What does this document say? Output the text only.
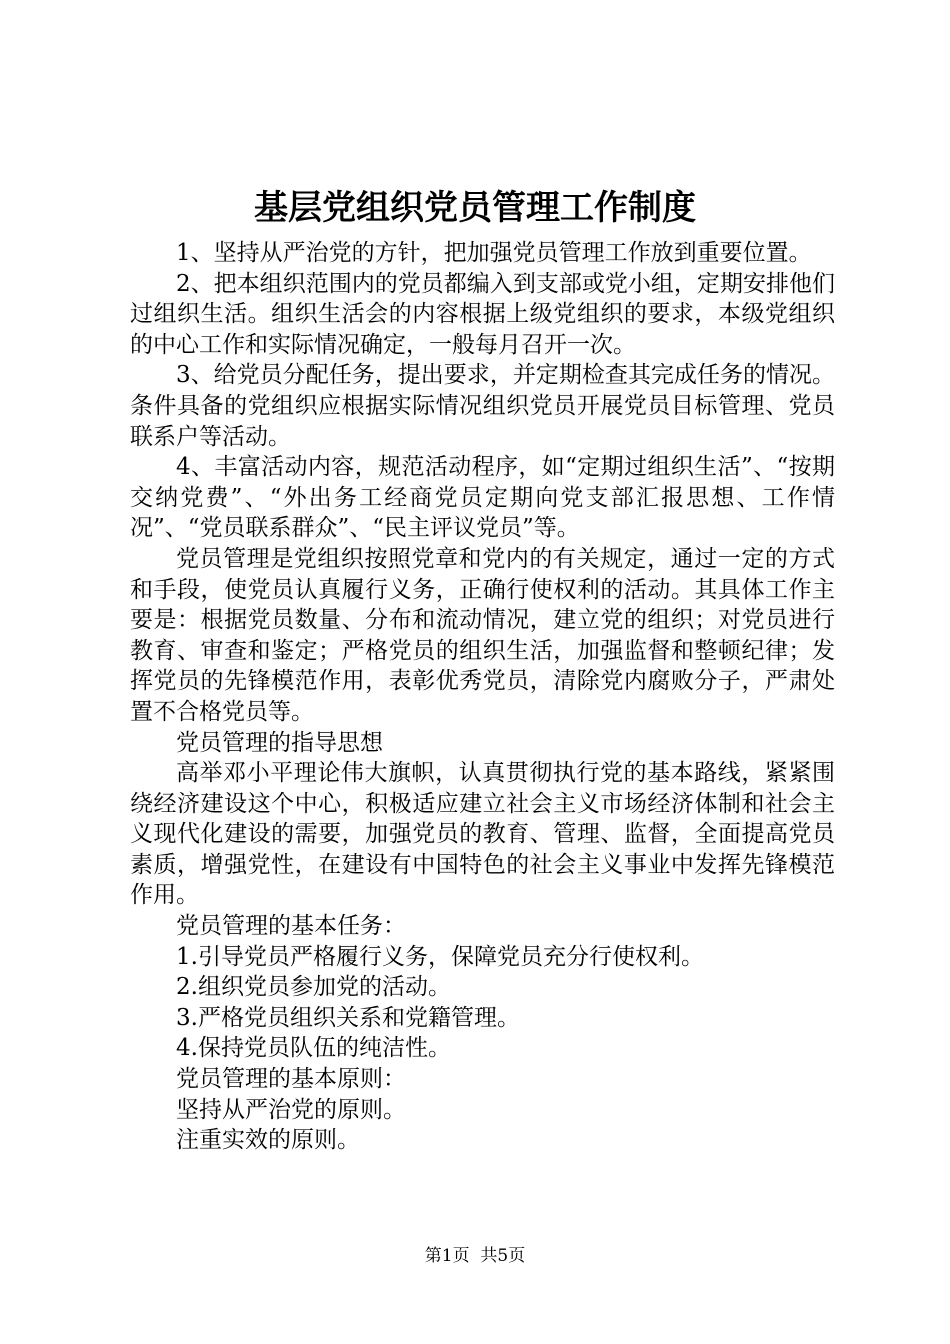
基层党组织党员管理工作制度

1、坚持从严治党的方针，把加强党员管理工作放到重要位置。

2、把本组织范围内的党员都编入到支部或党小组，定期安排他们过组织生活。组织生活会的内容根据上级党组织的要求，本级党组织的中心工作和实际情况确定，一般每月召开一次。

3、给党员分配任务，提出要求，并定期检查其完成任务的情况。条件具备的党组织应根据实际情况组织党员开展党员目标管理、党员联系户等活动。

4、丰富活动内容，规范活动程序，如“定期过组织生活”、“按期交纳党费”、“外出务工经商党员定期向党支部汇报思想、工作情况”、“党员联系群众”、“民主评议党员”等。

党员管理是党组织按照党章和党内的有关规定，通过一定的方式和手段，使党员认真履行义务，正确行使权利的活动。其具体工作主要是：根据党员数量、分布和流动情况，建立党的组织；对党员进行教育、审查和鉴定；严格党员的组织生活，加强监督和整顿纪律；发挥党员的先锋模范作用，表彰优秀党员，清除党内腐败分子，严肃处置不合格党员等。

党员管理的指导思想

高举邓小平理论伟大旗帜，认真贯彻执行党的基本路线，紧紧围绕经济建设这个中心，积极适应建立社会主义市场经济体制和社会主义现代化建设的需要，加强党员的教育、管理、监督，全面提高党员素质，增强党性，在建设有中国特色的社会主义事业中发挥先锋模范作用。

党员管理的基本任务：

1.引导党员严格履行义务，保障党员充分行使权利。

2.组织党员参加党的活动。

3.严格党员组织关系和党籍管理。

4.保持党员队伍的纯洁性。

党员管理的基本原则：

坚持从严治党的原则。

注重实效的原则。

第1页 共5页
